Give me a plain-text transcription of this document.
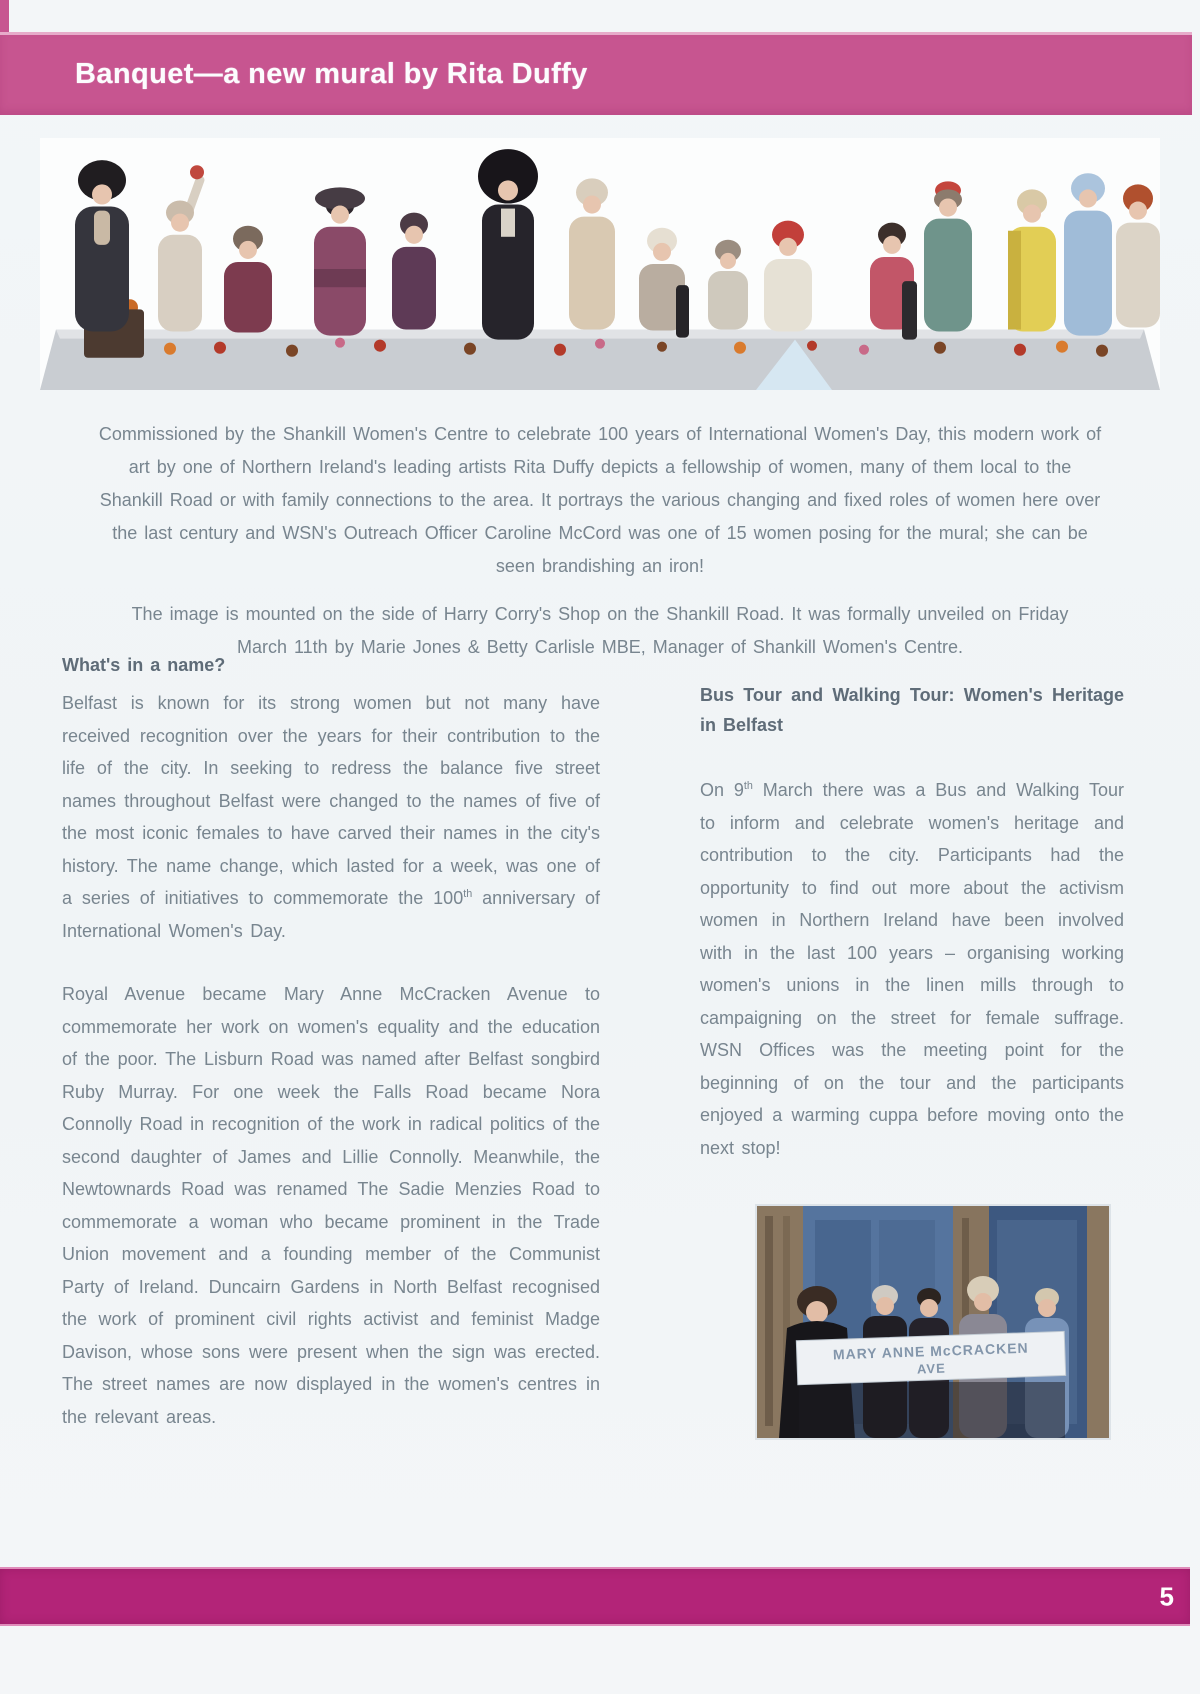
Banquet—a new mural by Rita Duffy

Commissioned by the Shankill Women's Centre to celebrate 100 years of International Women's Day, this modern work of art by one of Northern Ireland's leading artists Rita Duffy depicts a fellowship of women, many of them local to the Shankill Road or with family connections to the area. It portrays the various changing and fixed roles of women here over the last century and WSN's Outreach Officer Caroline McCord was one of 15 women posing for the mural; she can be seen brandishing an iron!

The image is mounted on the side of Harry Corry's Shop on the Shankill Road. It was formally unveiled on Friday March 11th by Marie Jones & Betty Carlisle MBE, Manager of Shankill Women's Centre.

What's in a name?

Belfast is known for its strong women but not many have received recognition over the years for their contribution to the life of the city. In seeking to redress the balance five street names throughout Belfast were changed to the names of five of the most iconic females to have carved their names in the city's history. The name change, which lasted for a week, was one of a series of initiatives to commemorate the 100th anniversary of International Women's Day.

Royal Avenue became Mary Anne McCracken Avenue to commemorate her work on women's equality and the education of the poor. The Lisburn Road was named after Belfast songbird Ruby Murray. For one week the Falls Road became Nora Connolly Road in recognition of the work in radical politics of the second daughter of James and Lillie Connolly. Meanwhile, the Newtownards Road was renamed The Sadie Menzies Road to commemorate a woman who became prominent in the Trade Union movement and a founding member of the Communist Party of Ireland. Duncairn Gardens in North Belfast recognised the work of prominent civil rights activist and feminist Madge Davison, whose sons were present when the sign was erected. The street names are now displayed in the women's centres in the relevant areas.

Bus Tour and Walking Tour: Women's Heritage in Belfast

On 9th March there was a Bus and Walking Tour to inform and celebrate women's heritage and contribution to the city. Participants had the opportunity to find out more about the activism women in Northern Ireland have been involved with in the last 100 years – organising working women's unions in the linen mills through to campaigning on the street for female suffrage. WSN Offices was the meeting point for the beginning of on the tour and the participants enjoyed a warming cuppa before moving onto the next stop!

MARY ANNE McCRACKEN
AVE
5
